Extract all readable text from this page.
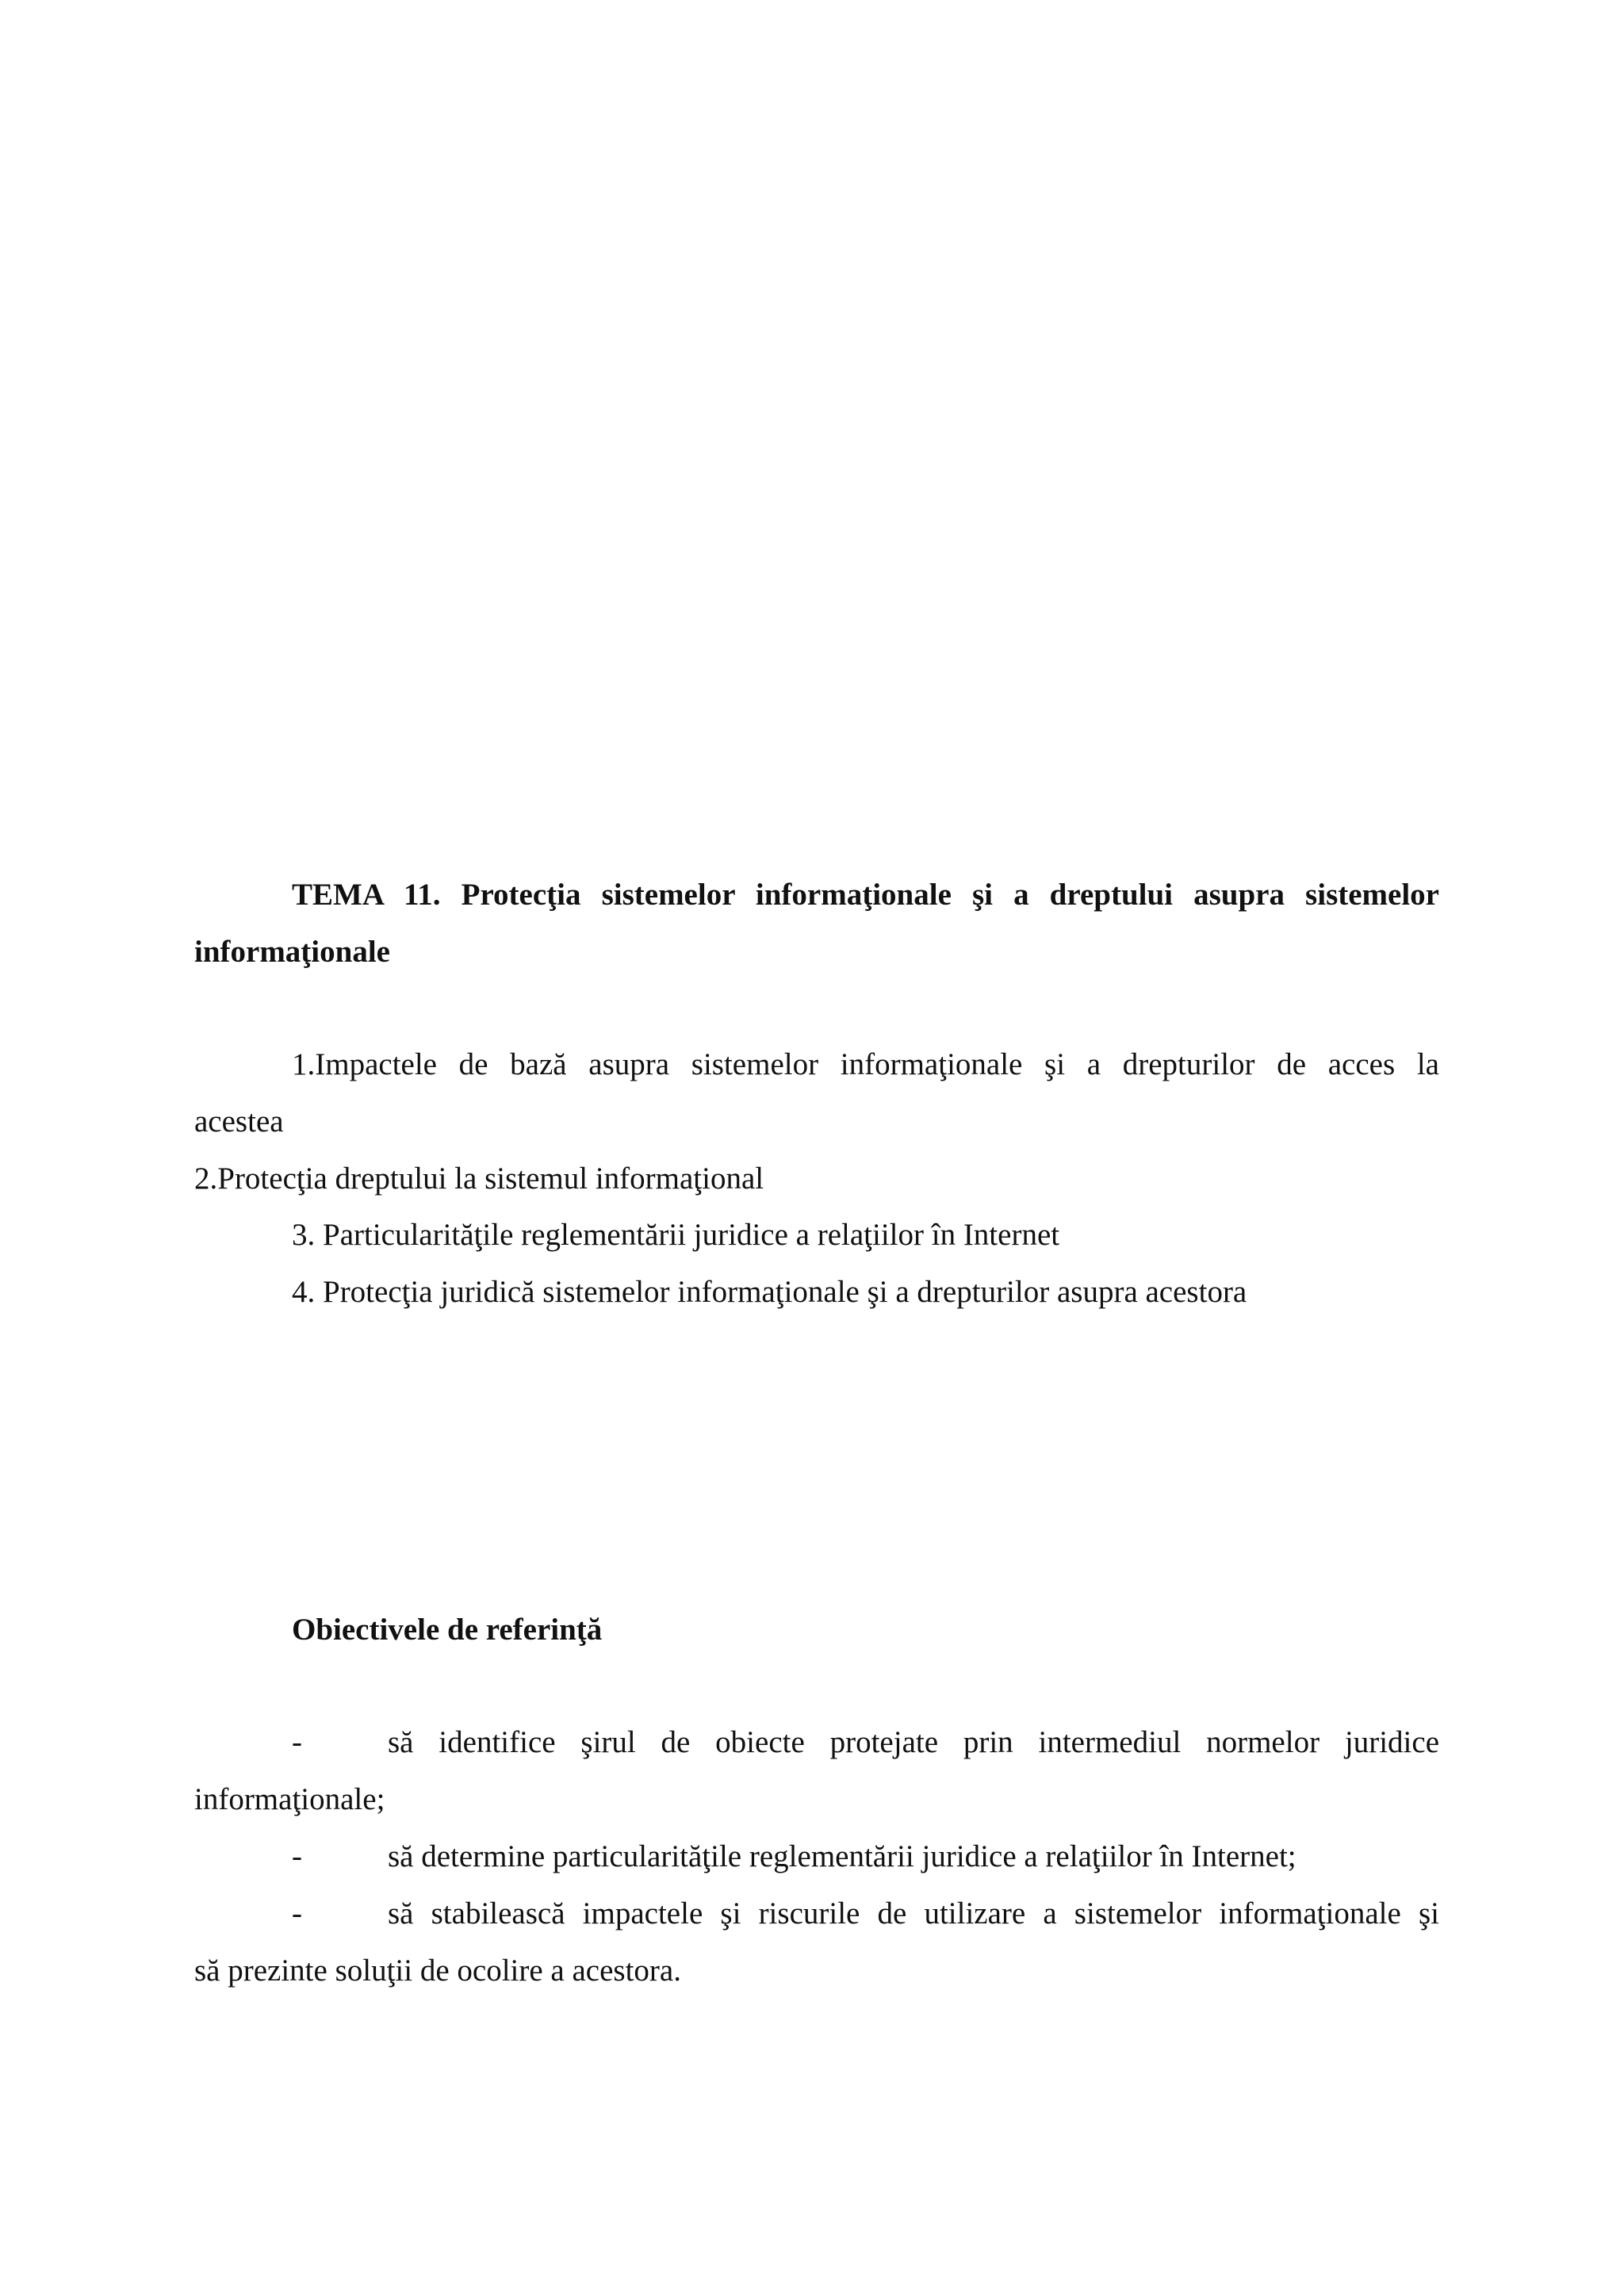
TEMA 11. Protecţia sistemelor informaţionale şi a dreptului asupra sistemelor

informaţionale

1.Impactele de bază asupra sistemelor informaţionale şi a drepturilor de acces la

acestea

2.Protecţia dreptului la sistemul informaţional

3. Particularităţile reglementării juridice a relaţiilor în Internet

4. Protecţia juridică sistemelor informaţionale şi a drepturilor asupra acestora

Obiectivele de referinţă

-	să identifice şirul de obiecte protejate prin intermediul normelor juridice

informaţionale;

-	să determine particularităţile reglementării juridice a relaţiilor în Internet;

-	să stabilească impactele şi riscurile de utilizare a sistemelor informaţionale şi

să prezinte soluţii de ocolire a acestora.
